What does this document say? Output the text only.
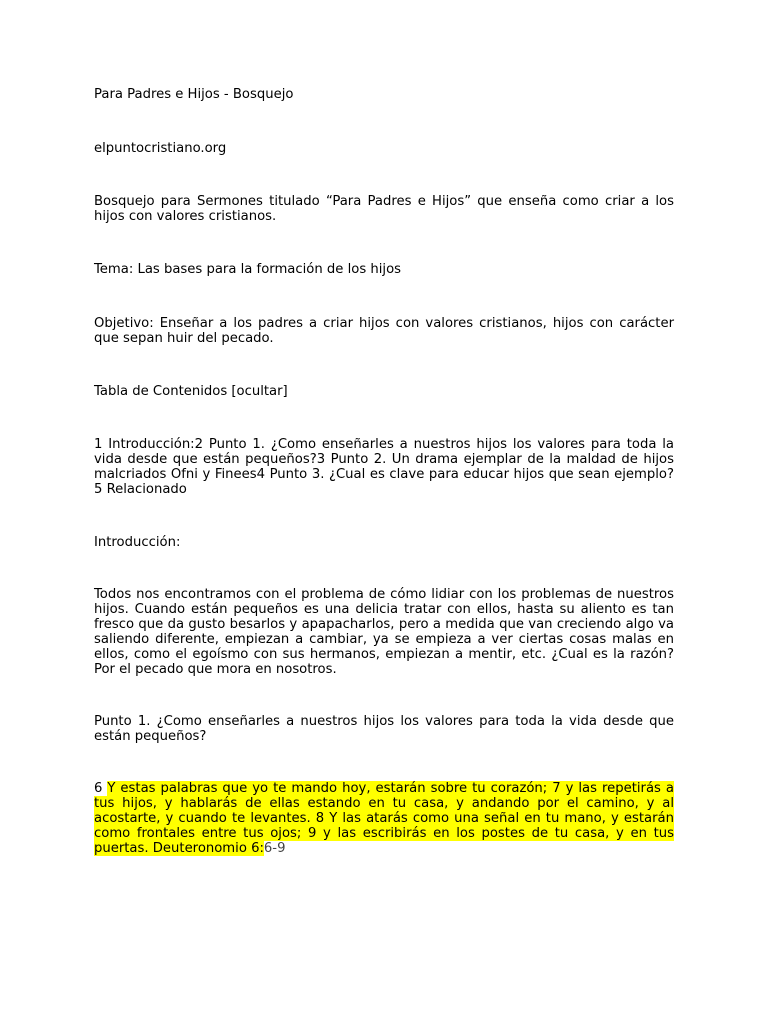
Para Padres e Hijos - Bosquejo

elpuntocristiano.org

Bosquejo para Sermones titulado “Para Padres e Hijos” que enseña como criar a los hijos con valores cristianos.

Tema: Las bases para la formación de los hijos

Objetivo: Enseñar a los padres a criar hijos con valores cristianos, hijos con carácter que sepan huir del pecado.

Tabla de Contenidos [ocultar]

1 Introducción:2 Punto 1. ¿Como enseñarles a nuestros hijos los valores para toda la vida desde que están pequeños?3 Punto 2. Un drama ejemplar de la maldad de hijos malcriados Ofni y Finees4 Punto 3. ¿Cual es clave para educar hijos que sean ejemplo?5 Relacionado

Introducción:

Todos nos encontramos con el problema de cómo lidiar con los problemas de nuestros hijos. Cuando están pequeños es una delicia tratar con ellos, hasta su aliento es tan fresco que da gusto besarlos y apapacharlos, pero a medida que van creciendo algo va saliendo diferente, empiezan a cambiar, ya se empieza a ver ciertas cosas malas en ellos, como el egoísmo con sus hermanos, empiezan a mentir, etc. ¿Cual es la razón? Por el pecado que mora en nosotros.

Punto 1. ¿Como enseñarles a nuestros hijos los valores para toda la vida desde que están pequeños?

6 Y estas palabras que yo te mando hoy, estarán sobre tu corazón; 7 y las repetirás a tus hijos, y hablarás de ellas estando en tu casa, y andando por el camino, y al acostarte, y cuando te levantes. 8 Y las atarás como una señal en tu mano, y estarán como frontales entre tus ojos; 9 y las escribirás en los postes de tu casa, y en tus puertas. Deuteronomio 6:6-9
